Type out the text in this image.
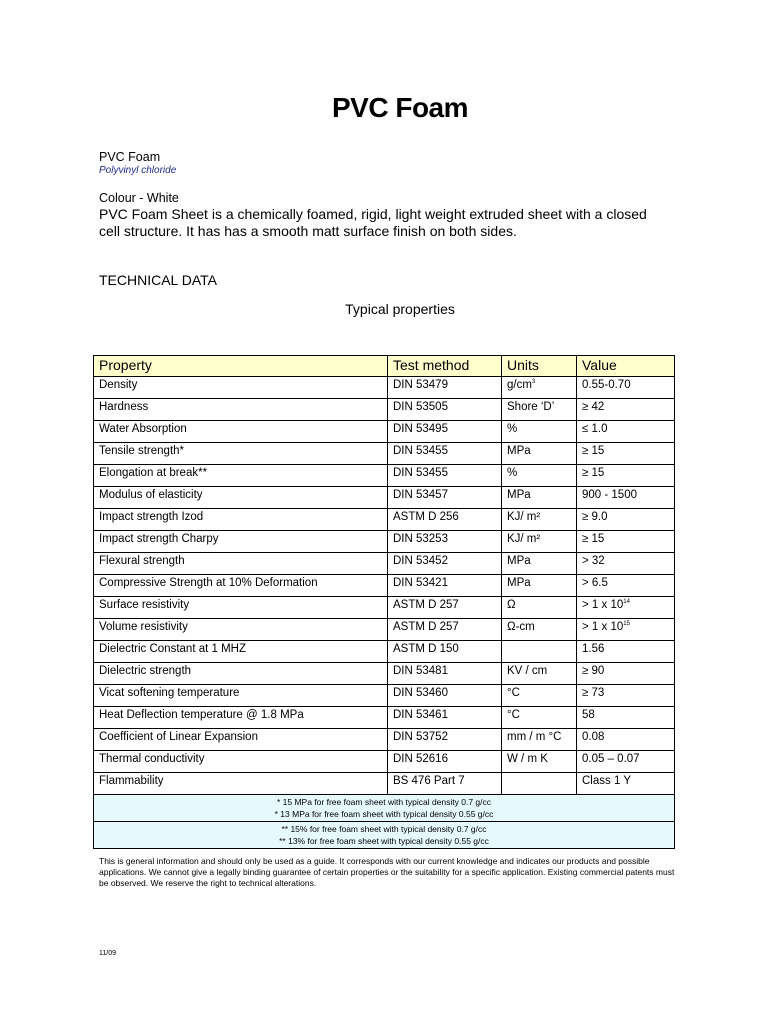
PVC Foam
PVC Foam
Polyvinyl chloride
Colour - White
PVC Foam Sheet is a chemically foamed, rigid, light weight extruded sheet with a closed cell structure. It has has a smooth matt surface finish on both sides.
TECHNICAL DATA
Typical properties
Property	Test method	Units	Value
Density	DIN 53479	$g/cm^3$	0.55-0.70
Hardness	DIN 53505	Shore ‘D’	≥ 42
Water Absorption	DIN 53495	%	≤ 1.0
Tensile strength*	DIN 53455	MPa	≥ 15
Elongation at break**	DIN 53455	%	≥ 15
Modulus of elasticity	DIN 53457	MPa	900 - 1500
Impact strength Izod	ASTM D 256	KJ/ m²	≥ 9.0
Impact strength Charpy	DIN 53253	KJ/ m²	≥ 15
Flexural strength	DIN 53452	MPa	> 32
Compressive Strength at 10% Deformation	DIN 53421	MPa	> 6.5
Surface resistivity	ASTM D 257	Ω	> 1 x $10^{14}$
Volume resistivity	ASTM D 257	Ω-cm	> 1 x $10^{15}$
Dielectric Constant at 1 MHZ	ASTM D 150		1.56
Dielectric strength	DIN 53481	KV / cm	≥ 90
Vicat softening temperature	DIN 53460	°C	≥ 73
Heat Deflection temperature @ 1.8 MPa	DIN 53461	°C	58
Coefficient of Linear Expansion	DIN 53752	mm / m °C	0.08
Thermal conductivity	DIN 52616	W / m K	0.05 – 0.07
Flammability	BS 476 Part 7		Class 1 Y

* 15 MPa for free foam sheet with typical density 0.7 g/cc
* 13 MPa for free foam sheet with typical density 0.55 g/cc			

** 15% for free foam sheet with typical density 0.7 g/cc
** 13% for free foam sheet with typical density 0.55 g/cc			
This is general information and should only be used as a guide. It corresponds with our current knowledge and indicates our products and possible applications. We cannot give a legally binding guarantee of certain properties or the suitability for a specific application. Existing commercial patents must be observed. We reserve the right to technical alterations.
11/09
